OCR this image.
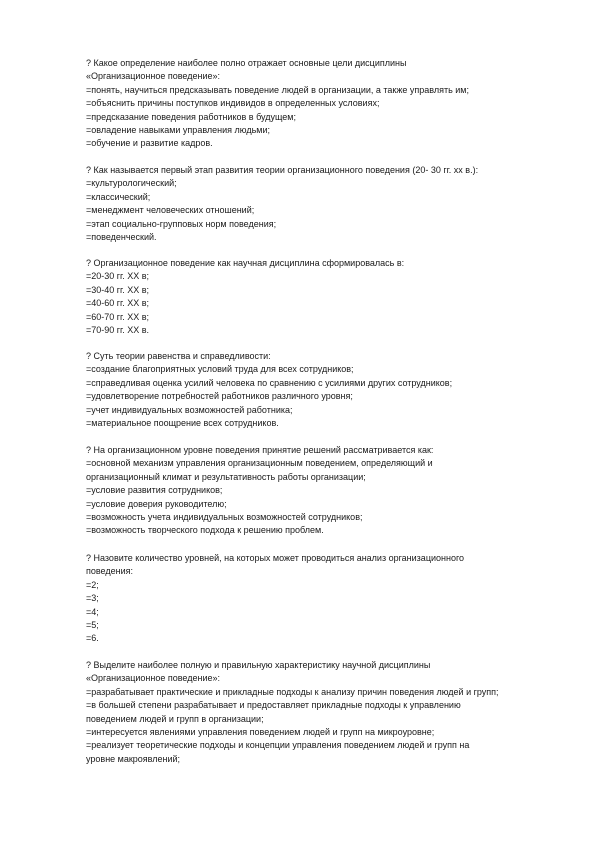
? Какое определение наиболее полно отражает основные цели дисциплины
«Организационное поведение»:
=понять, научиться предсказывать поведение людей в организации, а также управлять им;
=объяснить причины поступков индивидов в определенных условиях;
=предсказание поведения работников в будущем;
=овладение навыками управления людьми;
=обучение и развитие кадров.
? Как называется первый этап развития теории организационного поведения (20- 30 гг. хх в.):
=культурологический;
=классический;
=менеджмент человеческих отношений;
=этап социально-групповых норм поведения;
=поведенческий.
? Организационное поведение как научная дисциплина сформировалась в:
=20-30 гг. XX в;
=30-40 гг. XX в;
=40-60 гг. XX в;
=60-70 гг. XX в;
=70-90 гг. XX в.
? Суть теории равенства и справедливости:
=создание благоприятных условий труда для всех сотрудников;
=справедливая оценка усилий человека по сравнению с усилиями других сотрудников;
=удовлетворение потребностей работников различного уровня;
=учет индивидуальных возможностей работника;
=материальное поощрение всех сотрудников.
? На организационном уровне поведения принятие решений рассматривается как:
=основной механизм управления организационным поведением, определяющий и
организационный климат и результативность работы организации;
=условие развития сотрудников;
=условие доверия руководителю;
=возможность учета индивидуальных возможностей сотрудников;
=возможность творческого подхода к решению проблем.
? Назовите количество уровней, на которых может проводиться анализ организационного
поведения:
=2;
=3;
=4;
=5;
=6.
? Выделите наиболее полную и правильную характеристику научной дисциплины
«Организационное поведение»:
=разрабатывает практические и прикладные подходы к анализу причин поведения людей и групп;
=в большей степени разрабатывает и предоставляет прикладные подходы к управлению
поведением людей и групп в организации;
=интересуется явлениями управления поведением людей и групп на микроуровне;
=реализует теоретические подходы и концепции управления поведением людей и групп на
уровне макроявлений;
